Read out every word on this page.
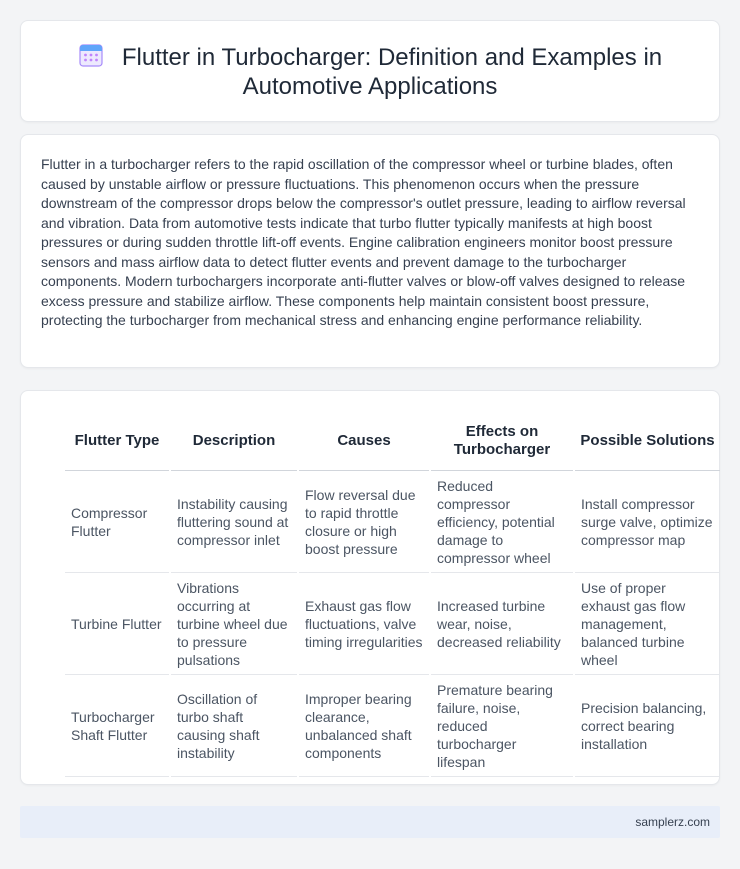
Flutter in Turbocharger: Definition and Examples in Automotive Applications

Flutter in a turbocharger refers to the rapid oscillation of the compressor wheel or turbine blades, often caused by unstable airflow or pressure fluctuations. This phenomenon occurs when the pressure downstream of the compressor drops below the compressor's outlet pressure, leading to airflow reversal and vibration. Data from automotive tests indicate that turbo flutter typically manifests at high boost pressures or during sudden throttle lift-off events. Engine calibration engineers monitor boost pressure sensors and mass airflow data to detect flutter events and prevent damage to the turbocharger components. Modern turbochargers incorporate anti-flutter valves or blow-off valves designed to release excess pressure and stabilize airflow. These components help maintain consistent boost pressure, protecting the turbocharger from mechanical stress and enhancing engine performance reliability.

Flutter Type	Description	Causes	Effects on Turbocharger	Possible Solutions
Compressor Flutter	Instability causing fluttering sound at compressor inlet	Flow reversal due to rapid throttle closure or high boost pressure	Reduced compressor efficiency, potential damage to compressor wheel	Install compressor surge valve, optimize compressor map
Turbine Flutter	Vibrations occurring at turbine wheel due to pressure pulsations	Exhaust gas flow fluctuations, valve timing irregularities	Increased turbine wear, noise, decreased reliability	Use of proper exhaust gas flow management, balanced turbine wheel
Turbocharger Shaft Flutter	Oscillation of turbo shaft causing shaft instability	Improper bearing clearance, unbalanced shaft components	Premature bearing failure, noise, reduced turbocharger lifespan	Precision balancing, correct bearing installation
samplerz.com
